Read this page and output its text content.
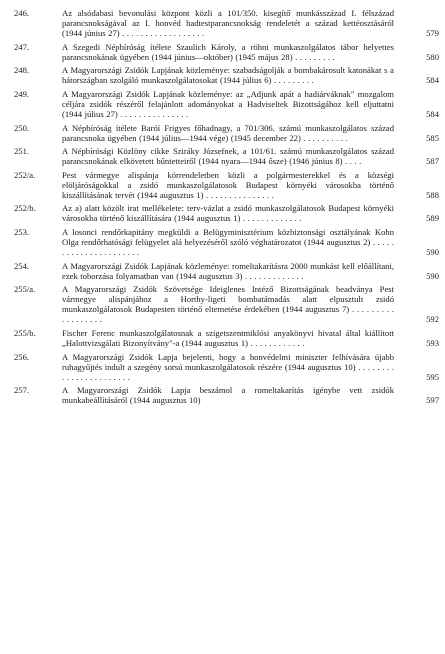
246.	Az alsódabasi bevonulási központ közli a 101/350. kisegítő munkásszázad I. félszázad parancsnokságával az I. honvéd hadtestparancsnokság rendeletét a század kettéosztásáról (1944 június 27) . . . . . . . . . . . . . . . . . .	579
247.	A Szegedi Népbíróság ítélete Szaulich Károly, a röhni munkaszolgálatos tábor helyettes parancsnokának ügyében (1944 június—október) (1945 május 28) . . . . . . . . .	580
248.	A Magyarországi Zsidók Lapjának közleménye: szabadságolják a bombakárosult katonákat s a hátországban szolgáló munkaszolgálatosokat (1944 július 6) . . . . . . . . .	584
249.	A Magyarországi Zsidók Lapjának közleménye: az „Adjunk apát a hadiárváknak" mozgalom céljára zsidók részéről felajánlott adományokat a Hadviseltek Bizottságához kell eljuttatni (1944 július 27) . . . . . . . . . . . . . . .	584
250.	A Népbíróság ítélete Baróí Frigyes főhadnagy, a 701/306. számú munkaszolgálatos század parancsnoka ügyében (1944 július—1944 vége) (1945 december 22) . . . . . . . . . .	585
251.	A Népbírósági Közlöny cikke Szirákу Józsefnek, a 101/61. számú munkaszolgálatos század parancsnokának elkövetett bűntetteiről (1944 nyara—1944 ősze) (1946 június 8) . . . .	587
252/a.	Pest vármegye alispánja körrendeletben közli a polgármesterekkel és a községi elöljáróságokkal a zsidó munkaszolgálatosok Budapest környéki városokba történő kiszállításának tervét (1944 augusztus 1) . . . . . . . . . . . . . . .	588
252/b.	Az a) alatt közölt irat mellékelete: terv-vázlat a zsidó munkaszolgálatosok Budapest környéki városokba történő kiszállítására (1944 augusztus 1) . . . . . . . . . . . . .	589
253.	A losonci rendőrkapitány megküldi a Belügyminisztérium közbiztonsági osztályának Kohn Olga rendőrhatósági felügyelet alá helyezéséről szóló véghatározatot (1944 augusztus 2) . . . . . . . . . . . . . . . . . . . . . .	590
254.	A Magyarországi Zsidók Lapjának közleménye: romeltakarításra 2000 munkást kell előállítani, ezek toborzása folyamatban van (1944 augusztus 3) . . . . . . . . . . . . .	590
255/a.	A Magyarországi Zsidók Szövetsége Ideiglenes Intéző Bizottságának beadványa Pest vármegye alispánjához a Horthy-ligeti bombatámadás alatt elpusztult zsidó munkaszolgálatosok Budapesten történő eltemetése érdekében (1944 augusztus 7) . . . . . . . . . . . . . . . . . .	592
255/b.	Fischer Ferenc munkaszolgálatosnak a szigetszentmiklósi anyakönyvi hivatal által kiállított „Halottvizsgálati Bizonyítvány"-a (1944 augusztus 1) . . . . . . . . . . . .	593
256.	A Magyarországi Zsidók Lapja bejelenti, hogy a honvédelmi miniszter felhívására újabb ruhagyűjtés indult a szegény sorsú munkaszolgálatosok részére (1944 augusztus 10) . . . . . . . . . . . . . . . . . . . . . . .	595
257.	A Magyarországi Zsidók Lapja beszámol a romeltakarítás igénybe vett zsidók munkabeállításáról (1944 augusztus 10)	597
